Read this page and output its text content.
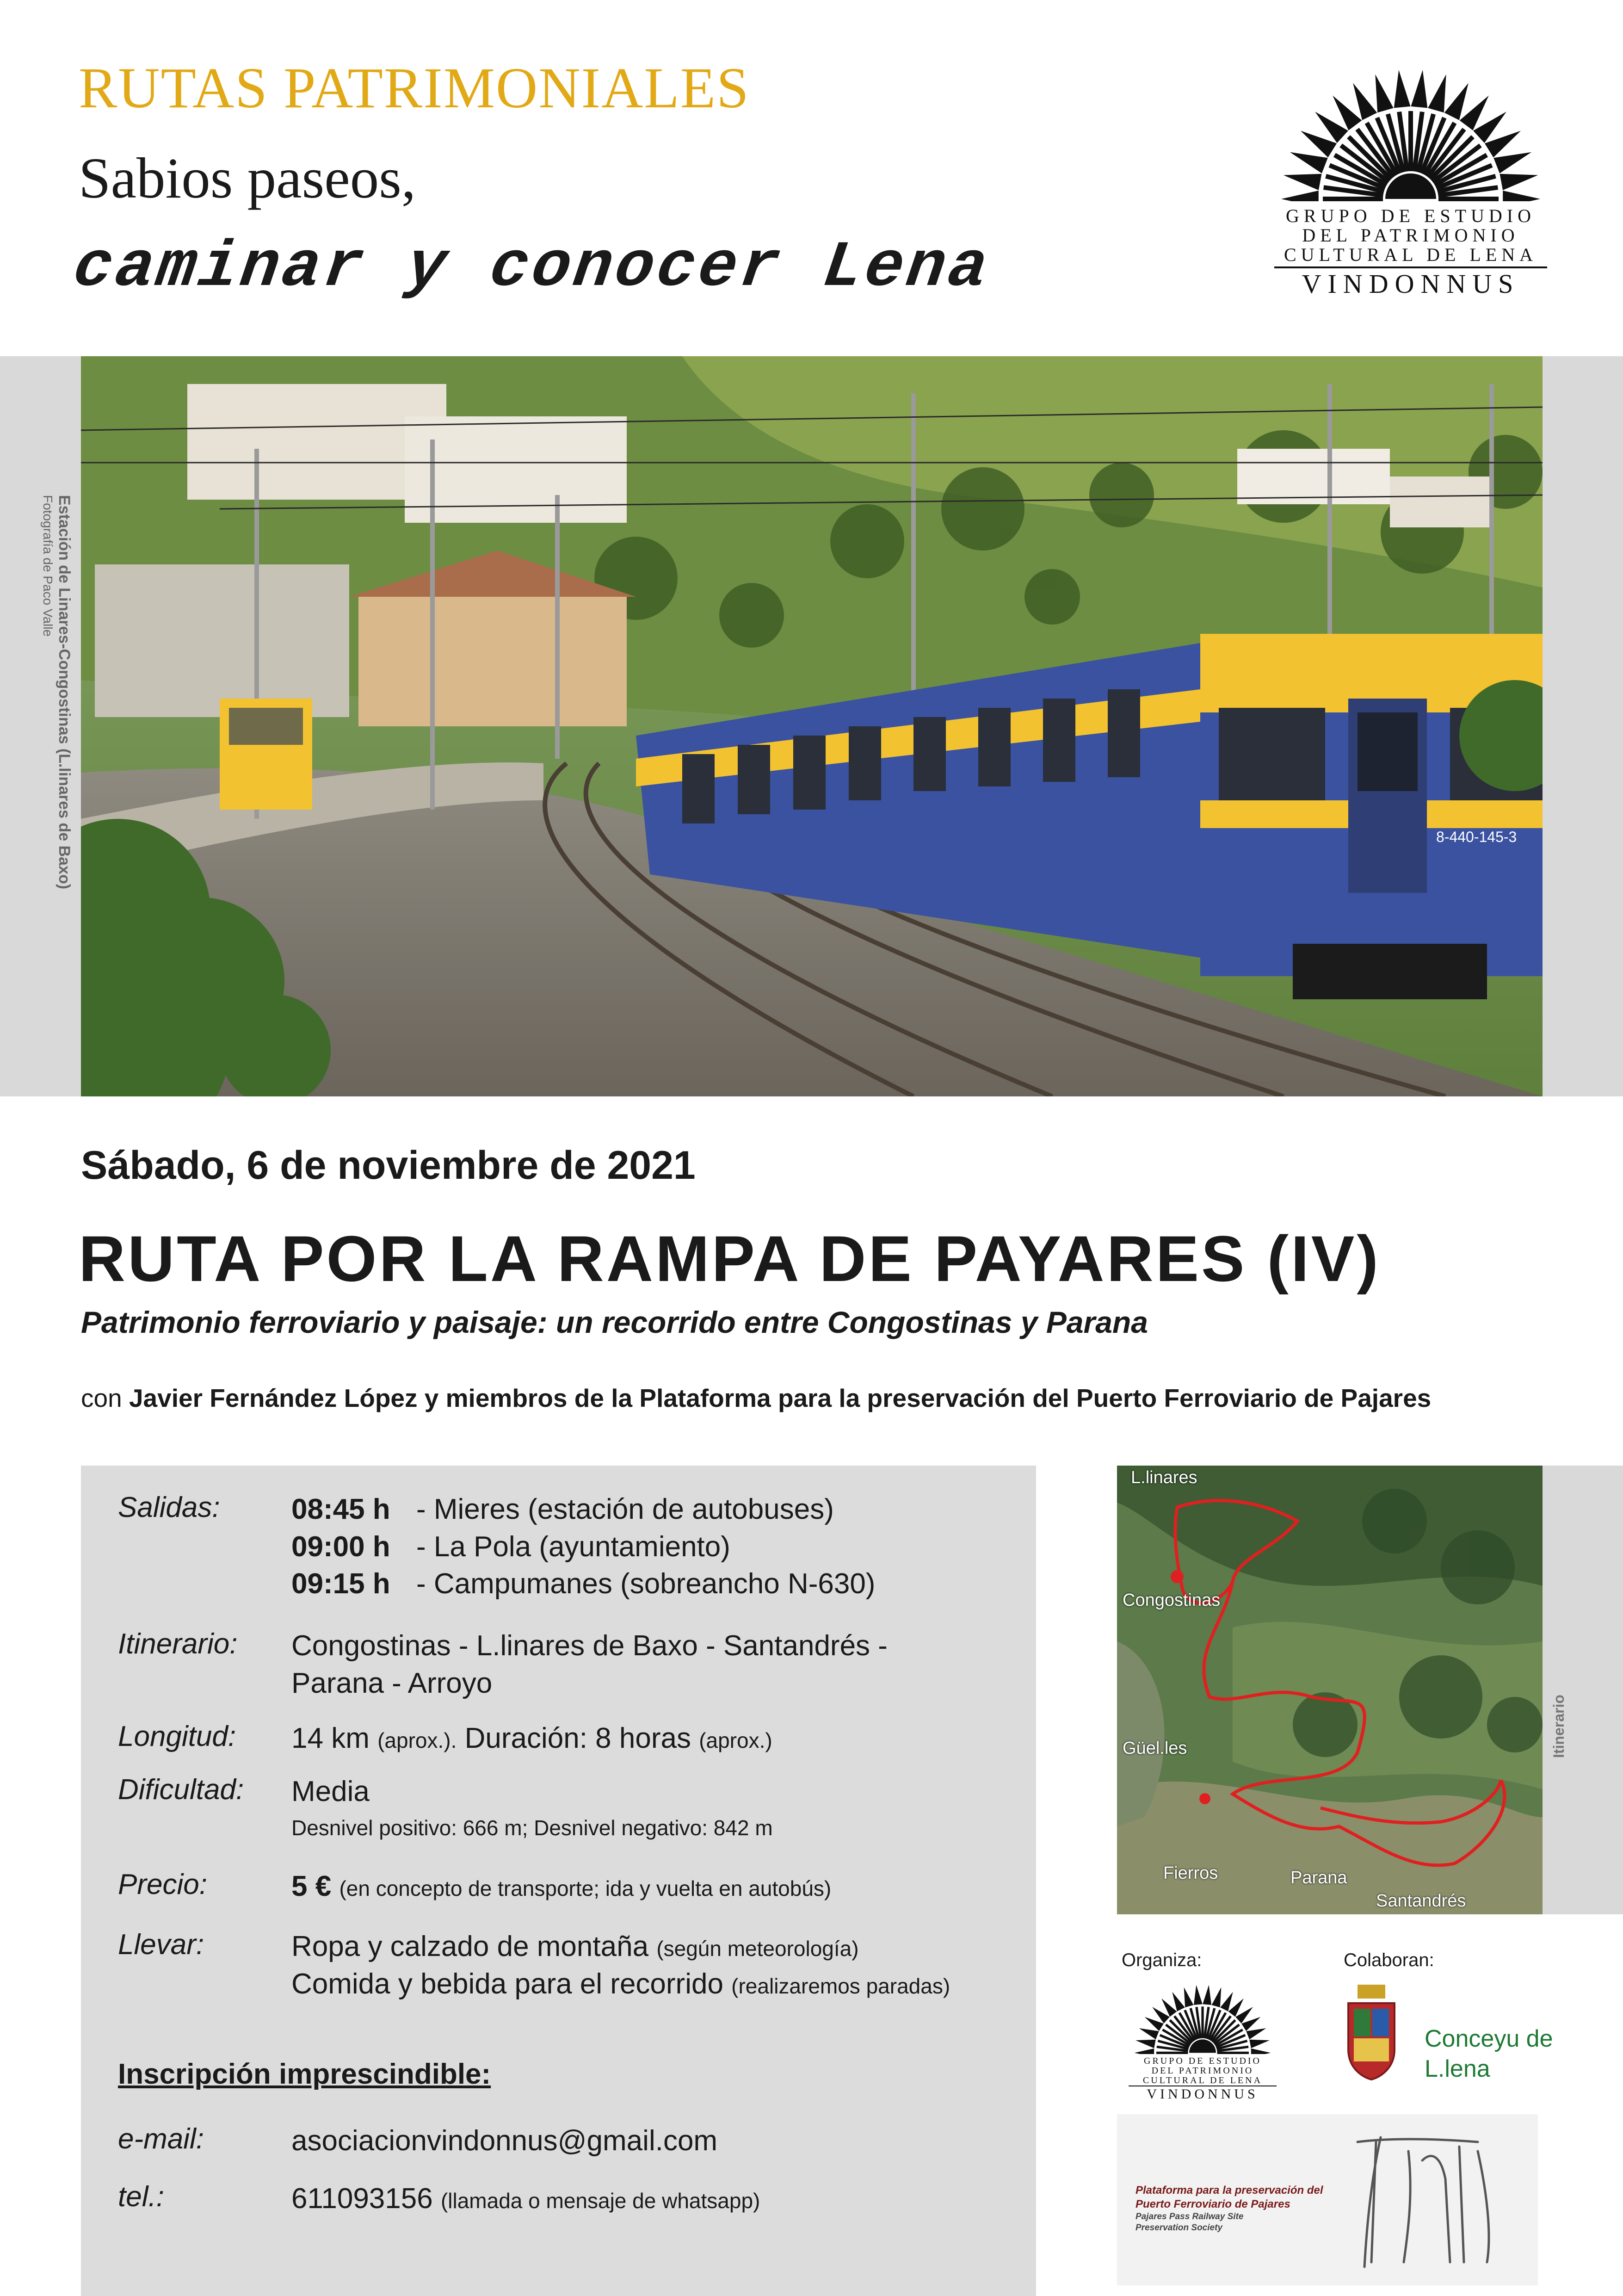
RUTAS PATRIMONIALES
Sabios paseos,
caminar y conocer Lena
GRUPO DE ESTUDIO
DEL PATRIMONIO
CULTURAL DE LENA
VINDONNUS
Estación de Linares-Congostinas (L.linares de Baxo)
Fotografía de Paco Valle
8-440-145-3
Sábado, 6 de noviembre de 2021
RUTA POR LA RAMPA DE PAYARES (IV)
Patrimonio ferroviario y paisaje: un recorrido entre Congostinas y Parana
con Javier Fernández López y miembros de la Plataforma para la preservación del Puerto Ferroviario de Pajares
Salidas: 08:45 h - Mieres (estación de autobuses)
09:00 h - La Pola (ayuntamiento)
09:15 h - Campumanes (sobreancho N-630)
Itinerario: Congostinas - L.linares de Baxo - Santandrés -
Parana - Arroyo
Longitud: 14 km (aprox.). Duración: 8 horas (aprox.)
Dificultad: Media
Desnivel positivo: 666 m; Desnivel negativo: 842 m
Precio:	5 € (en concepto de transporte; ida y vuelta en autobús)
Llevar:	Ropa y calzado de montaña (según meteorología)
Comida y bebida para el recorrido (realizaremos paradas)
Inscripción imprescindible:
e-mail:	asociacionvindonnus@gmail.com
tel.:	611093156 (llamada o mensaje de whatsapp)
Itinerario
L.linares
Congostinas
Güel.les
Fierros	Parana
Santandrés
Organiza:	Colaboran:
GRUPO DE ESTUDIO
DEL PATRIMONIO
CULTURAL DE LENA
VINDONNUS
Conceyu de
L.lena
Plataforma para la preservación del
Puerto Ferroviario de Pajares
Pajares Pass Railway Site
Preservation Society
